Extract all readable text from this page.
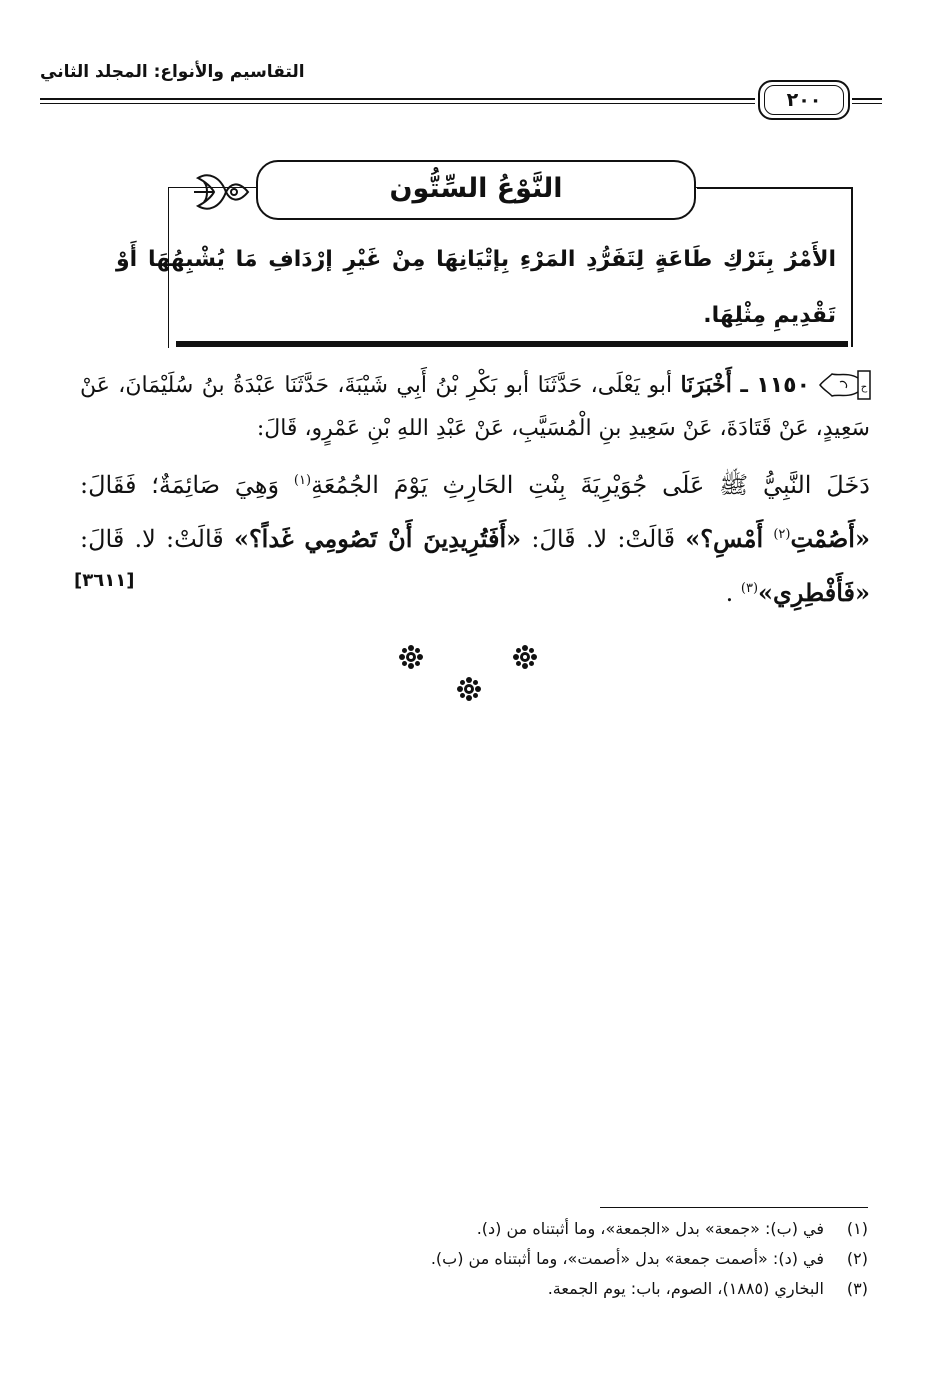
التقاسيم والأنواع: المجلد الثاني
٢٠٠
النَّوْعُ السِّتُّون
الأَمْرُ بِتَرْكِ طَاعَةٍ لِتَفَرُّدِ المَرْءِ بِإتْيَانِهَا مِنْ غَيْرِ إرْدَافِ مَا يُشْبِهُهَا أَوْ تَقْدِيمِ مِثْلِهَا.
ح
١١٥٠ ـ أَخْبَرَنَا أبو يَعْلَى، حَدَّثَنَا أبو بَكْرِ بْنُ أَبِي شَيْبَةَ، حَدَّثَنَا عَبْدَةُ بنُ سُلَيْمَانَ، عَنْ سَعِيدٍ، عَنْ قَتَادَةَ، عَنْ سَعِيدِ بنِ الْمُسَيَّبِ، عَنْ عَبْدِ اللهِ بْنِ عَمْرٍو، قَالَ:
دَخَلَ النَّبِيُّ ﷺ عَلَى جُوَيْرِيَةَ بِنْتِ الحَارِثِ يَوْمَ الجُمُعَةِ$^{(١)}$ وَهِيَ صَائِمَةٌ؛ فَقَالَ: «أَصُمْتِ$^{(٢)}$ أَمْسِ؟» قَالَتْ: لا. قَالَ: «أَفَتُرِيدِينَ أَنْ تَصُومِي غَداً؟» قَالَتْ: لا. قَالَ: «فَأَفْطِرِي»$^{(٣)}$ .
[٣٦١١]
(١)في (ب): «جمعة» بدل «الجمعة»، وما أثبتناه من (د).
(٢)في (د): «أصمت جمعة» بدل «أصمت»، وما أثبتناه من (ب).
(٣)البخاري (١٨٨٥)، الصوم، باب: يوم الجمعة.
